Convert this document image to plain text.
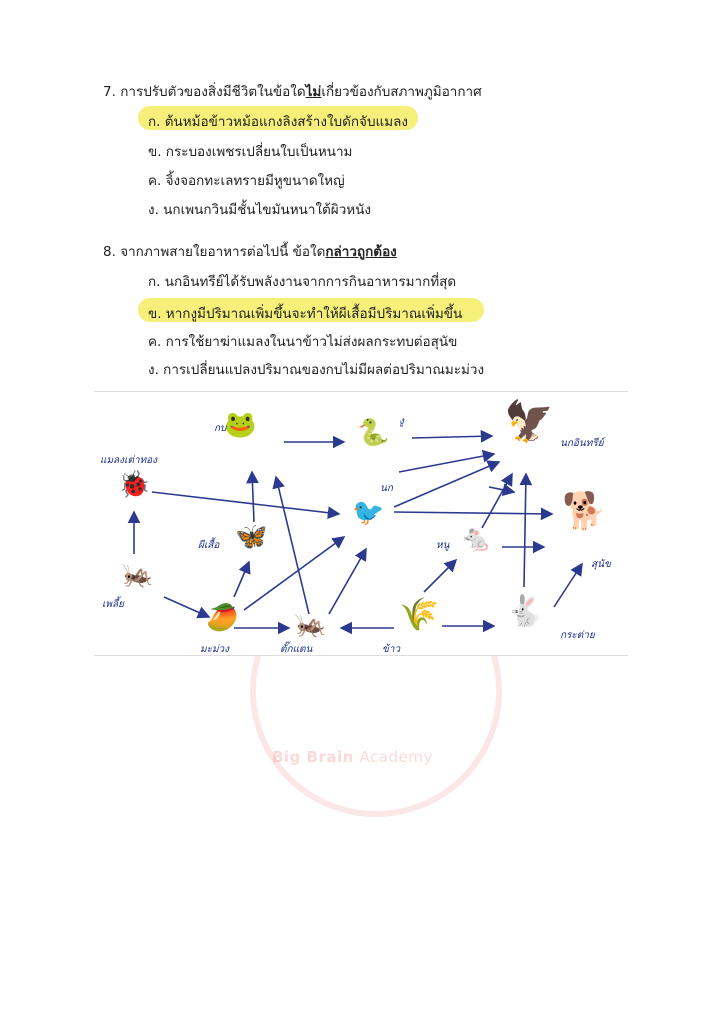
Big Brain Academy
7. การปรับตัวของสิ่งมีชีวิตในข้อใดไม่เกี่ยวข้องกับสภาพภูมิอากาศ
ก. ต้นหม้อข้าวหม้อแกงลิงสร้างใบดักจับแมลง
ข. กระบองเพชรเปลี่ยนใบเป็นหนาม
ค. จิ้งจอกทะเลทรายมีหูขนาดใหญ่
ง. นกเพนกวินมีชั้นไขมันหนาใต้ผิวหนัง
8. จากภาพสายใยอาหารต่อไปนี้ ข้อใดกล่าวถูกต้อง
ก. นกอินทรีย์ได้รับพลังงานจากการกินอาหารมากที่สุด
ข. หากงูมีปริมาณเพิ่มขึ้นจะทำให้ผีเสื้อมีปริมาณเพิ่มขึ้น
ค. การใช้ยาฆ่าแมลงในนาข้าวไม่ส่งผลกระทบต่อสุนัข
ง. การเปลี่ยนแปลงปริมาณของกบไม่มีผลต่อปริมาณมะม่วง
🐸	🐍	🦅
🐞
🦋
🐦
🐁
🐕
🦗
🥭 🦗 🌾 🐇
กบ
งู
นกอินทรีย์
แมลงเต่าทอง
ผีเสื้อ
นก
หนู
สุนัข
เพลี้ย
มะม่วง	ตั๊กแตน	ข้าว
กระต่าย
